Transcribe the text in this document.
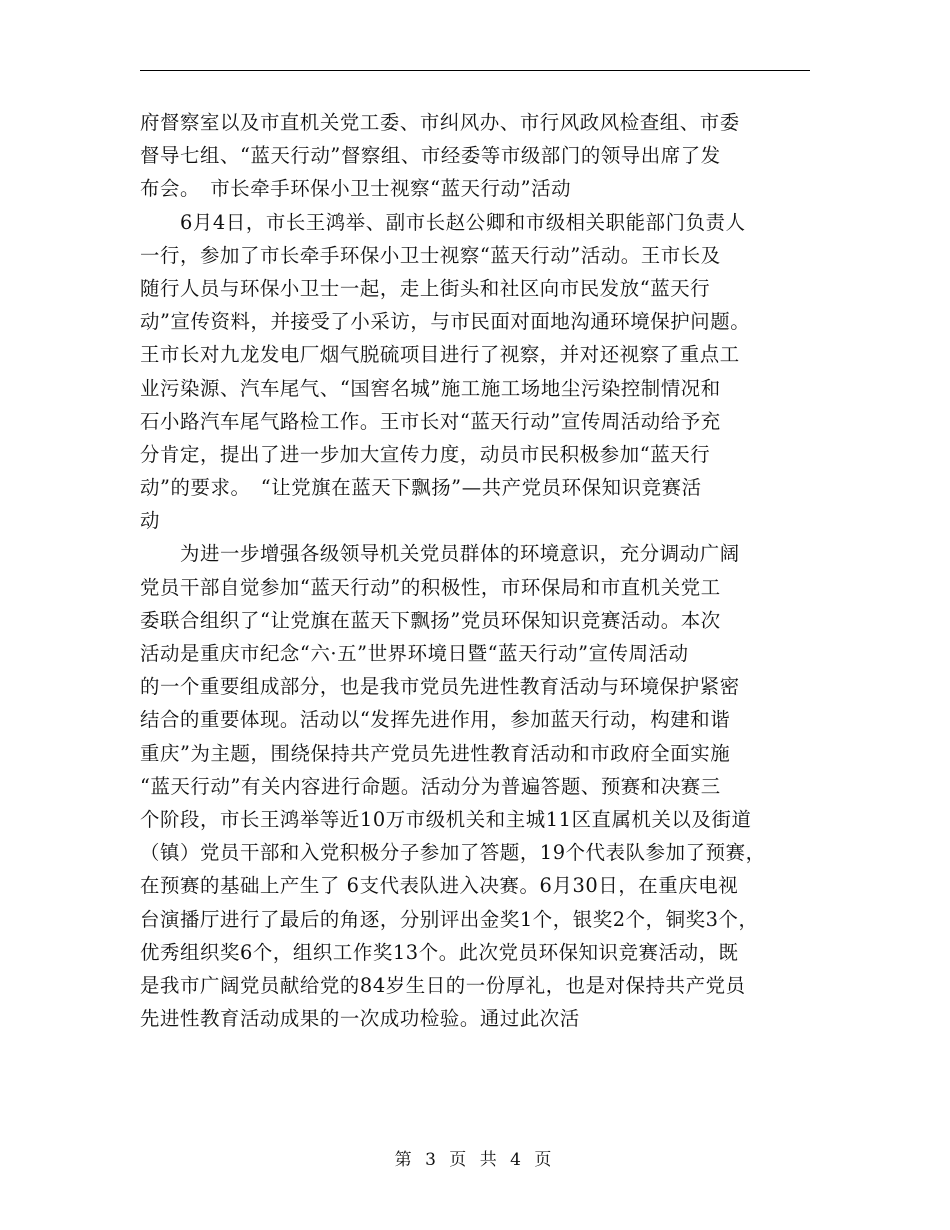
府督察室以及市直机关党工委、市纠风办、市行风政风检查组、市委
督导七组、“蓝天行动”督察组、市经委等市级部门的领导出席了发
布会。　市长牵手环保小卫士视察“蓝天行动”活动
　　6月4日，市长王鸿举、副市长赵公卿和市级相关职能部门负责人
一行，参加了市长牵手环保小卫士视察“蓝天行动”活动。王市长及
随行人员与环保小卫士一起，走上街头和社区向市民发放“蓝天行
动”宣传资料，并接受了小采访，与市民面对面地沟通环境保护问题。
王市长对九龙发电厂烟气脱硫项目进行了视察，并对还视察了重点工
业污染源、汽车尾气、“国窖名城”施工施工场地尘污染控制情况和
石小路汽车尾气路检工作。王市长对“蓝天行动”宣传周活动给予充
分肯定，提出了进一步加大宣传力度，动员市民积极参加“蓝天行
动”的要求。　“让党旗在蓝天下飘扬”—共产党员环保知识竞赛活
动
　　为进一步增强各级领导机关党员群体的环境意识，充分调动广阔
党员干部自觉参加“蓝天行动”的积极性，市环保局和市直机关党工
委联合组织了“让党旗在蓝天下飘扬”党员环保知识竞赛活动。本次
活动是重庆市纪念“六·五”世界环境日暨“蓝天行动”宣传周活动
的一个重要组成部分，也是我市党员先进性教育活动与环境保护紧密
结合的重要体现。活动以“发挥先进作用，参加蓝天行动，构建和谐
重庆”为主题，围绕保持共产党员先进性教育活动和市政府全面实施
“蓝天行动”有关内容进行命题。活动分为普遍答题、预赛和决赛三
个阶段，市长王鸿举等近10万市级机关和主城11区直属机关以及街道
（镇）党员干部和入党积极分子参加了答题，19个代表队参加了预赛，
在预赛的基础上产生了 6支代表队进入决赛。6月30日，在重庆电视
台演播厅进行了最后的角逐，分别评出金奖1个，银奖2个，铜奖3个，
优秀组织奖6个，组织工作奖13个。此次党员环保知识竞赛活动，既
是我市广阔党员献给党的84岁生日的一份厚礼，也是对保持共产党员
先进性教育活动成果的一次成功检验。通过此次活
第 3 页 共 4 页
